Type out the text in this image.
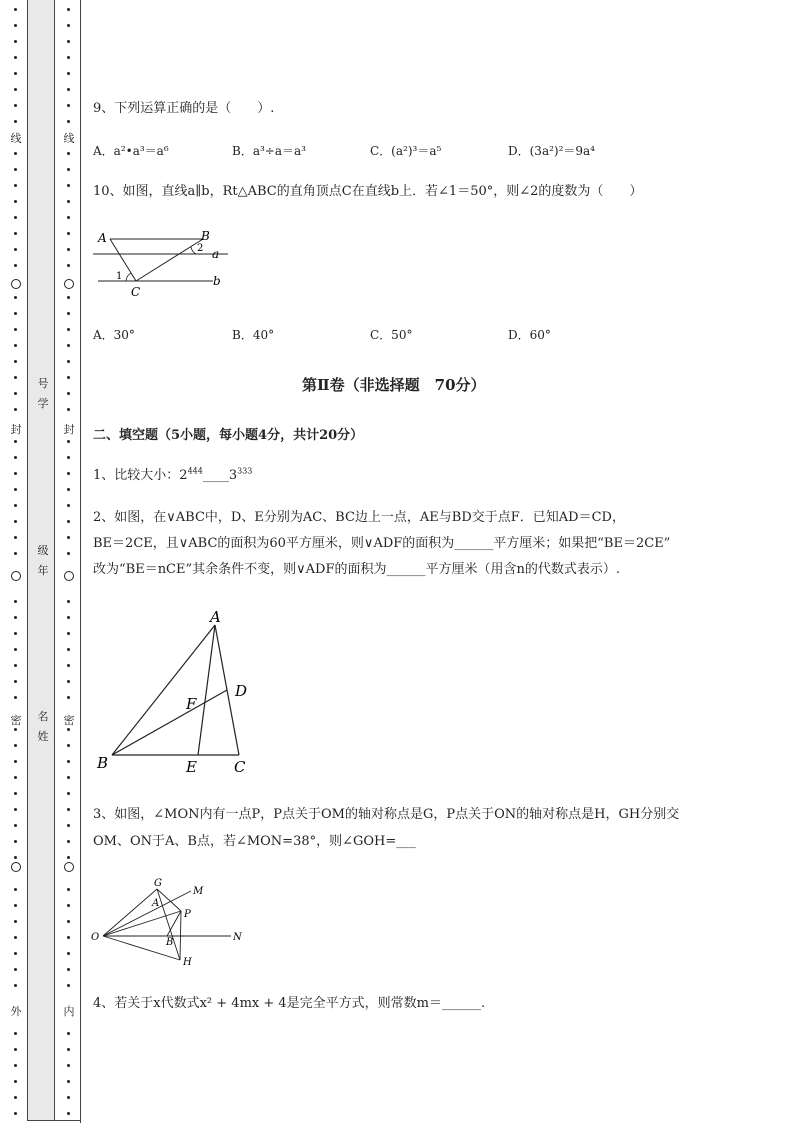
线
封
密
外
线
封
密
内
号
学
级
年
名
姓
9、下列运算正确的是（　　）.
A．a²•a³＝a⁶	B．a³÷a＝a³	C．(a²)³＝a⁵	D．(3a²)²＝9a⁴
10、如图，直线a∥b，Rt△ABC的直角顶点C在直线b上．若∠1＝50°，则∠2的度数为（　　）
A	B
C
a
b
1
2
A．30°	B．40°	C．50°	D．60°
第Ⅱ卷（非选择题　70分）
二、填空题（5小题，每小题4分，共计20分）
1、比较大小：$2^{444}\_\_\_\_3^{333}$
2、如图，在∨ABC中，D、E分别为AC、BC边上一点，AE与BD交于点F．已知AD＝CD，
BE＝2CE，且∨ABC的面积为60平方厘米，则∨ADF的面积为______平方厘米；如果把“BE＝2CE”
改为“BE＝nCE”其余条件不变，则∨ADF的面积为______平方厘米（用含n的代数式表示）.
A
B	C
D
E
F
3、如图，∠MON内有一点P，P点关于OM的轴对称点是G，P点关于ON的轴对称点是H，GH分别交
OM、ON于A、B点，若∠MON=38°，则∠GOH=___
G
M
A
P
O	N
B
H
4、若关于x代数式x² + 4mx + 4是完全平方式，则常数m＝______.
